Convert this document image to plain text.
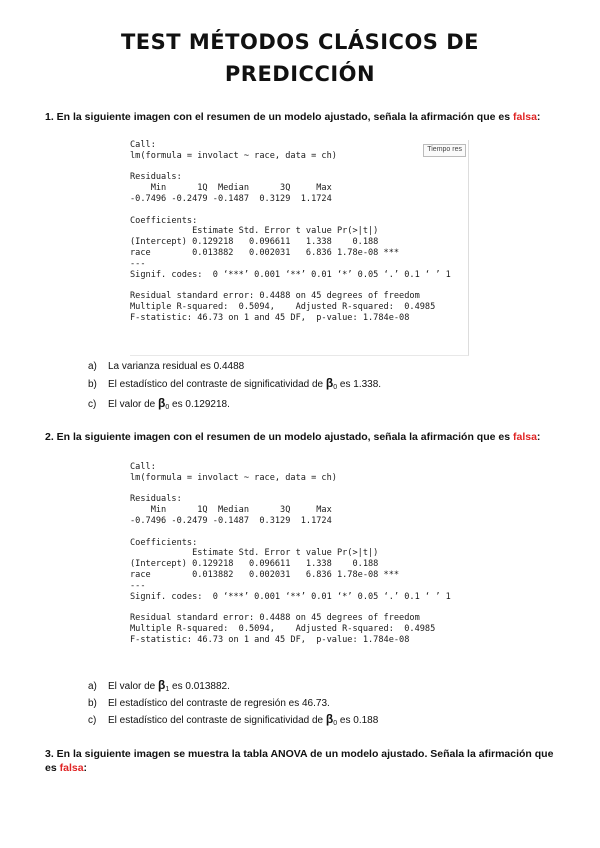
TEST MÉTODOS CLÁSICOS DE
PREDICCIÓN
1. En la siguiente imagen con el resumen de un modelo ajustado, señala la afirmación que es falsa:
Call:
lm(formula = involact ~ race, data = ch)

Residuals:
Min      1Q  Median      3Q     Max
-0.7496 -0.2479 -0.1487  0.3129  1.1724

Coefficients:
Estimate Std. Error t value Pr(>|t|)
(Intercept) 0.129218   0.096611   1.338    0.188
race        0.013882   0.002031   6.836 1.78e-08 ***
---
Signif. codes:  0 ‘***’ 0.001 ‘**’ 0.01 ‘*’ 0.05 ‘.’ 0.1 ‘ ’ 1

Residual standard error: 0.4488 on 45 degrees of freedom
Multiple R-squared:  0.5094,    Adjusted R-squared:  0.4985
F-statistic: 46.73 on 1 and 45 DF,  p-value: 1.784e-08
Tiempo res
a) La varianza residual es 0.4488
b) El estadístico del contraste de significatividad de $\beta_0$ es 1.338.
c) El valor de $\beta_0$ es 0.129218.
2. En la siguiente imagen con el resumen de un modelo ajustado, señala la afirmación que es falsa:
Call:
lm(formula = involact ~ race, data = ch)

Residuals:
Min      1Q  Median      3Q     Max
-0.7496 -0.2479 -0.1487  0.3129  1.1724

Coefficients:
Estimate Std. Error t value Pr(>|t|)
(Intercept) 0.129218   0.096611   1.338    0.188
race        0.013882   0.002031   6.836 1.78e-08 ***
---
Signif. codes:  0 ‘***’ 0.001 ‘**’ 0.01 ‘*’ 0.05 ‘.’ 0.1 ‘ ’ 1

Residual standard error: 0.4488 on 45 degrees of freedom
Multiple R-squared:  0.5094,    Adjusted R-squared:  0.4985
F-statistic: 46.73 on 1 and 45 DF,  p-value: 1.784e-08
a) El valor de $\beta_1$ es 0.013882.
b) El estadístico del contraste de regresión es 46.73.
c) El estadístico del contraste de significatividad de $\beta_0$ es 0.188
3. En la siguiente imagen se muestra la tabla ANOVA de un modelo ajustado. Señala la afirmación que es falsa:
